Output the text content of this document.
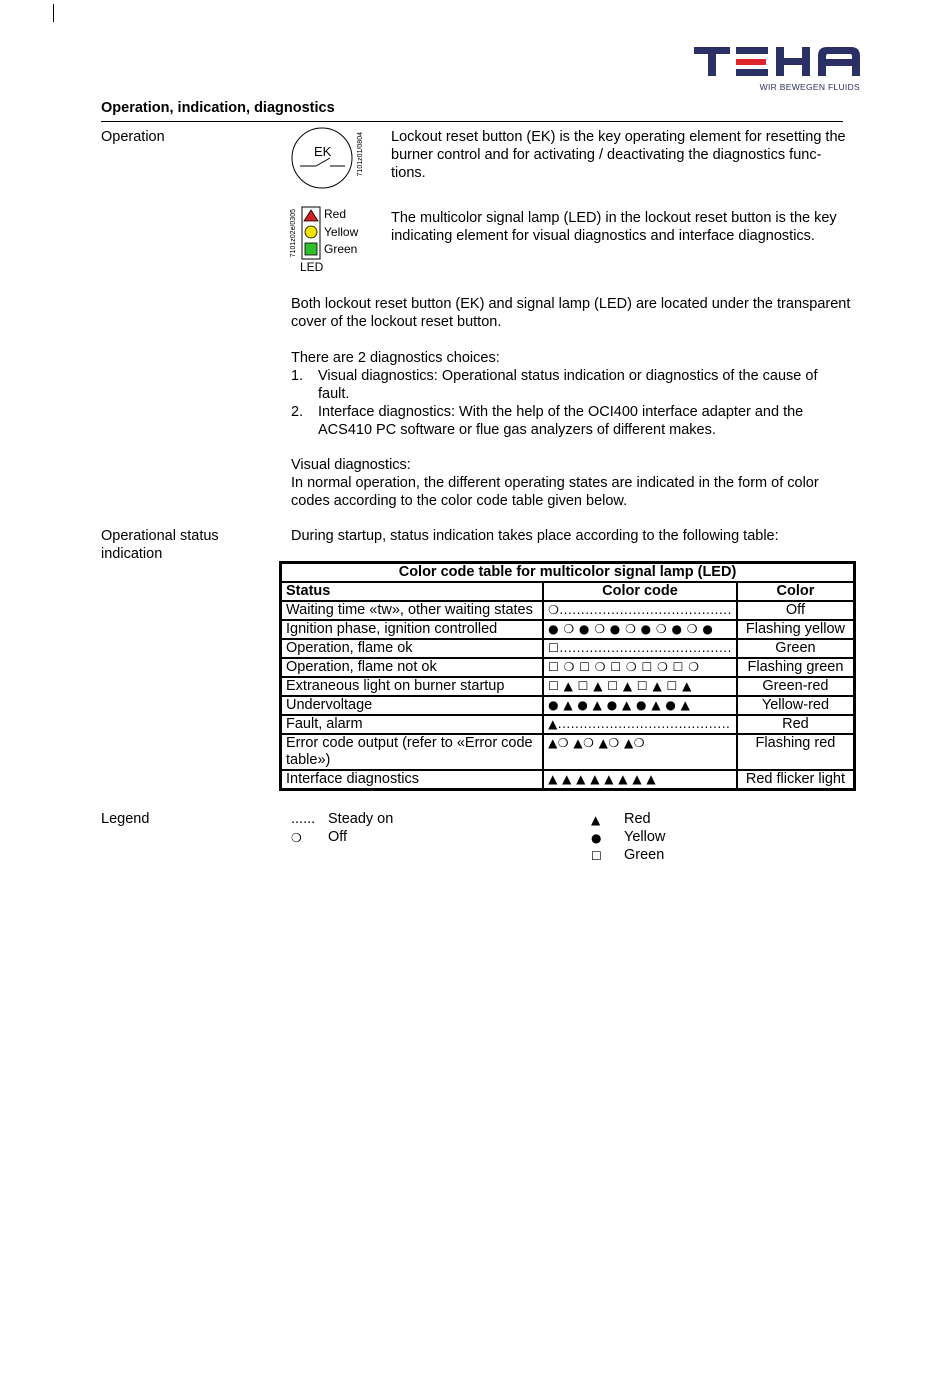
WIR BEWEGEN FLUIDS
Operation, indication, diagnostics
Operation
EK	7101z01/0804 Lockout reset button (EK) is the key operating element for resetting the
burner control and for activating / deactivating the diagnostics func-
tions.
7101z02e/0305 Red
Yellow
Green
LED
The multicolor signal lamp (LED) in the lockout reset button is the key
indicating element for visual diagnostics and interface diagnostics.
Both lockout reset button (EK) and signal lamp (LED) are located under the transparent
cover of the lockout reset button.
There are 2 diagnostics choices:
1. Visual diagnostics: Operational status indication or diagnostics of the cause of
fault.
2. Interface diagnostics: With the help of the OCI400 interface adapter and the
ACS410 PC software or flue gas analyzers of different makes.
Visual diagnostics:
In normal operation, the different operating states are indicated in the form of color
codes according to the color code table given below.
Operational status
indication
During startup, status indication takes place according to the following table:
Color code table for multicolor signal lamp (LED)		
Status	Color code	Color
Waiting time «tw», other waiting states	❍........................................	Off
Ignition phase, ignition controlled	● ❍ ● ❍ ● ❍ ● ❍ ● ❍ ●	Flashing yellow
Operation, flame ok	☐........................................	Green
Operation, flame not ok	☐ ❍ ☐ ❍ ☐ ❍ ☐ ❍ ☐ ❍	Flashing green
Extraneous light on burner startup	☐ ▲ ☐ ▲ ☐ ▲ ☐ ▲ ☐ ▲	Green-red
Undervoltage	● ▲ ● ▲ ● ▲ ● ▲ ● ▲	Yellow-red
Fault, alarm	▲........................................	Red

Error code output (refer to «Error code
table»)	▲❍ ▲❍ ▲❍ ▲❍	Flashing red
Interface diagnostics	▲ ▲ ▲ ▲ ▲ ▲ ▲ ▲	Red flicker light
Legend	...... Steady on
❍ Off
▲ Red
● Yellow
☐ Green
